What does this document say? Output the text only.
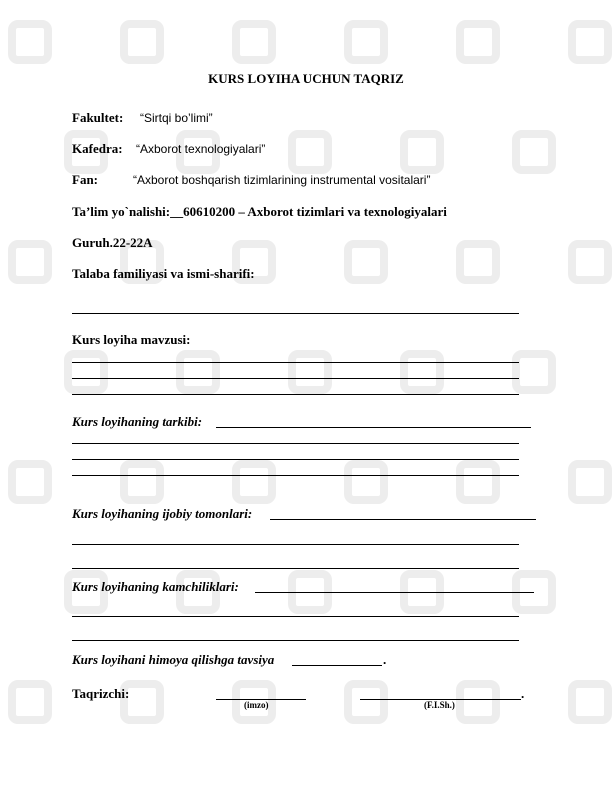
KURS LOYIHA UCHUN TAQRIZ
Fakultet: “Sirtqi bo’limi”
Kafedra: “Axborot texnologiyalari”
Fan:	“Axborot boshqarish tizimlarining instrumental vositalari”
Ta’lim yo`nalishi:__60610200 – Axborot tizimlari va texnologiyalari
Guruh.22-22A
Talaba familiyasi va ismi-sharifi:
Kurs loyiha mavzusi:
Kurs loyihaning tarkibi:
Kurs loyihaning ijobiy tomonlari:
Kurs loyihaning kamchiliklari:
Kurs loyihani himoya qilishga tavsiya	.
Taqrizchi:
(imzo)
.
(F.I.Sh.)
